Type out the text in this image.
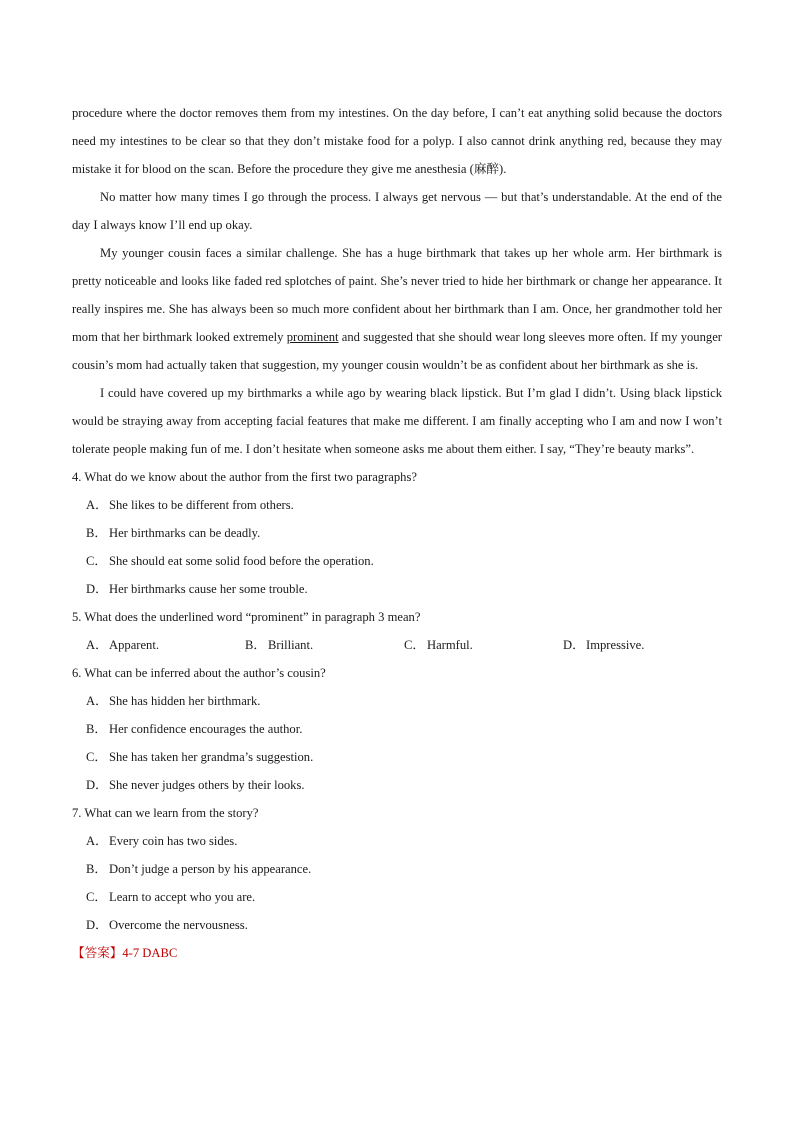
procedure where the doctor removes them from my intestines. On the day before, I can’t eat anything solid because the doctors need my intestines to be clear so that they don’t mistake food for a polyp. I also cannot drink anything red, because they may mistake it for blood on the scan. Before the procedure they give me anesthesia (麻醉).

No matter how many times I go through the process. I always get nervous — but that’s understandable. At the end of the day I always know I’ll end up okay.

My younger cousin faces a similar challenge. She has a huge birthmark that takes up her whole arm. Her birthmark is pretty noticeable and looks like faded red splotches of paint. She’s never tried to hide her birthmark or change her appearance. It really inspires me. She has always been so much more confident about her birthmark than I am. Once, her grandmother told her mom that her birthmark looked extremely prominent and suggested that she should wear long sleeves more often. If my younger cousin’s mom had actually taken that suggestion, my younger cousin wouldn’t be as confident about her birthmark as she is.

I could have covered up my birthmarks a while ago by wearing black lipstick. But I’m glad I didn’t. Using black lipstick would be straying away from accepting facial features that make me different. I am finally accepting who I am and now I won’t tolerate people making fun of me. I don’t hesitate when someone asks me about them either. I say, “They’re beauty marks”.

4. What do we know about the author from the first two paragraphs?

A．She likes to be different from others.

B． Her birthmarks can be deadly.

C． She should eat some solid food before the operation.

D．Her birthmarks cause her some trouble.

5. What does the underlined word “prominent” in paragraph 3 mean?

A．Apparent.	B． Brilliant.	C． Harmful.	D．Impressive.

6. What can be inferred about the author’s cousin?

A．She has hidden her birthmark.

B． Her confidence encourages the author.

C． She has taken her grandma’s suggestion.

D．She never judges others by their looks.

7. What can we learn from the story?

A．Every coin has two sides.

B． Don’t judge a person by his appearance.

C． Learn to accept who you are.

D．Overcome the nervousness.

【答案】4-7 DABC
